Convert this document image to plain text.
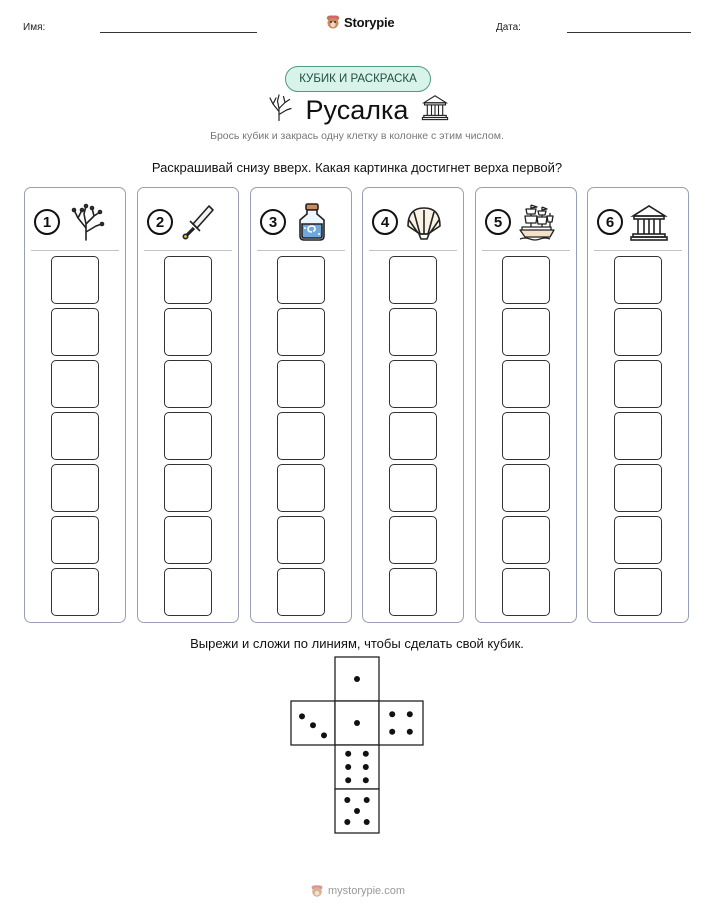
Имя:	Storypie	Дата:
КУБИК И РАСКРАСКА
Русалка
Брось кубик и закрась одну клетку в колонке с этим числом.
Раскрашивай снизу вверх. Какая картинка достигнет верха первой?
1	2	3	4	5	6
Вырежи и сложи по линиям, чтобы сделать свой кубик.
mystorypie.com
